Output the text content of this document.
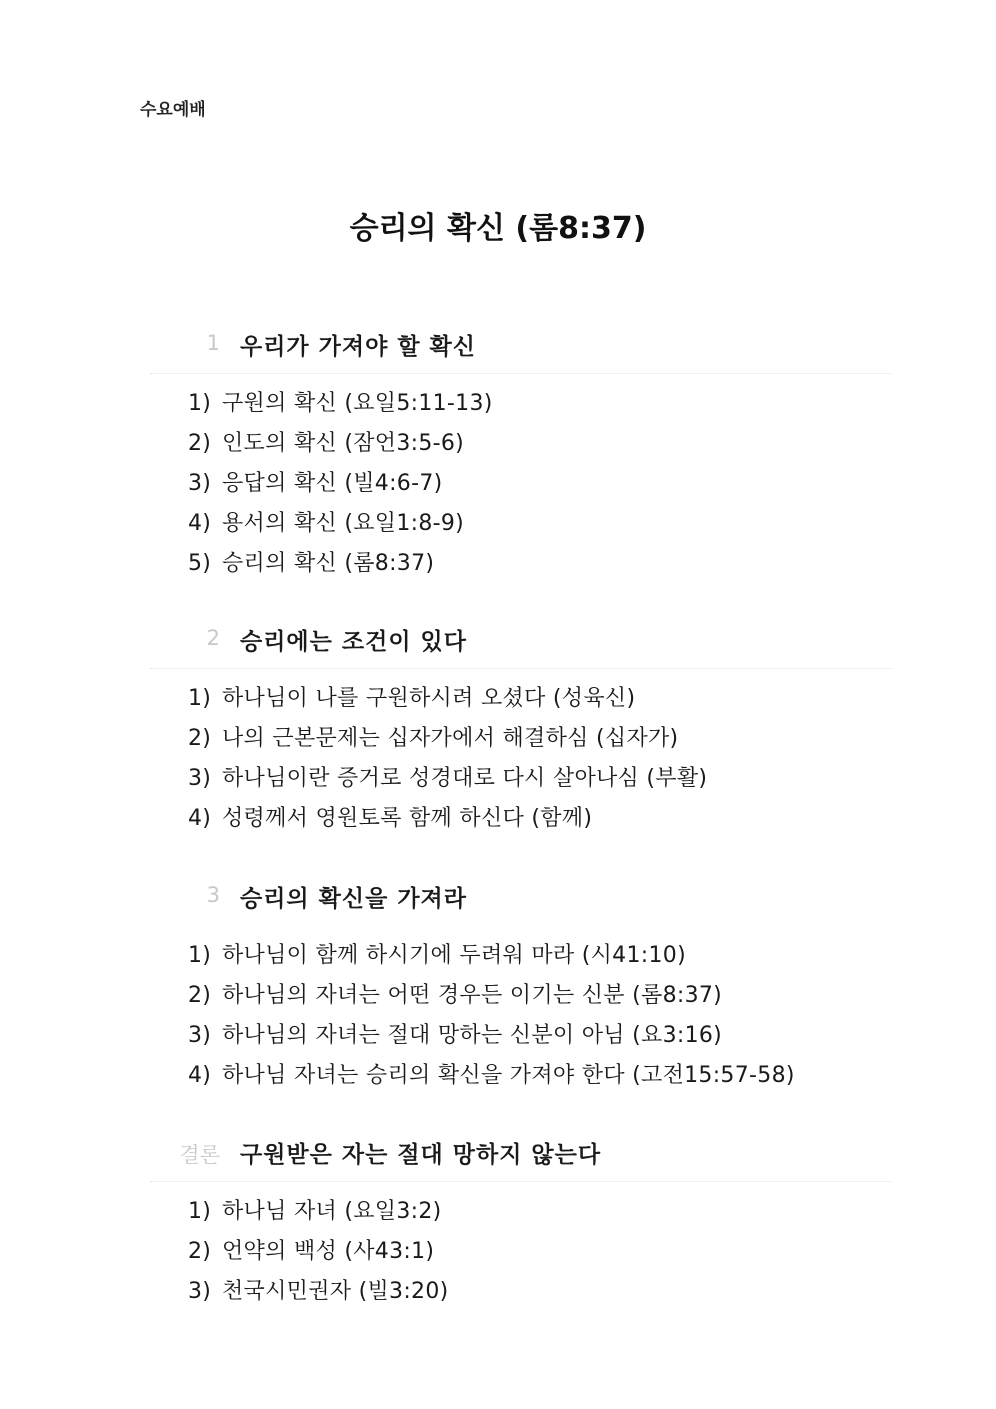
수요예배
승리의 확신 (롬8:37)
1 우리가 가져야 할 확신
1) 구원의 확신 (요일5:11-13)
2) 인도의 확신 (잠언3:5-6)
3) 응답의 확신 (빌4:6-7)
4) 용서의 확신 (요일1:8-9)
5) 승리의 확신 (롬8:37)
2 승리에는 조건이 있다
1) 하나님이 나를 구원하시려 오셨다 (성육신)
2) 나의 근본문제는 십자가에서 해결하심 (십자가)
3) 하나님이란 증거로 성경대로 다시 살아나심 (부활)
4) 성령께서 영원토록 함께 하신다 (함께)
3 승리의 확신을 가져라
1) 하나님이 함께 하시기에 두려워 마라 (시41:10)
2) 하나님의 자녀는 어떤 경우든 이기는 신분 (롬8:37)
3) 하나님의 자녀는 절대 망하는 신분이 아님 (요3:16)
4) 하나님 자녀는 승리의 확신을 가져야 한다 (고전15:57-58)
결론 구원받은 자는 절대 망하지 않는다
1) 하나님 자녀 (요일3:2)
2) 언약의 백성 (사43:1)
3) 천국시민권자 (빌3:20)
